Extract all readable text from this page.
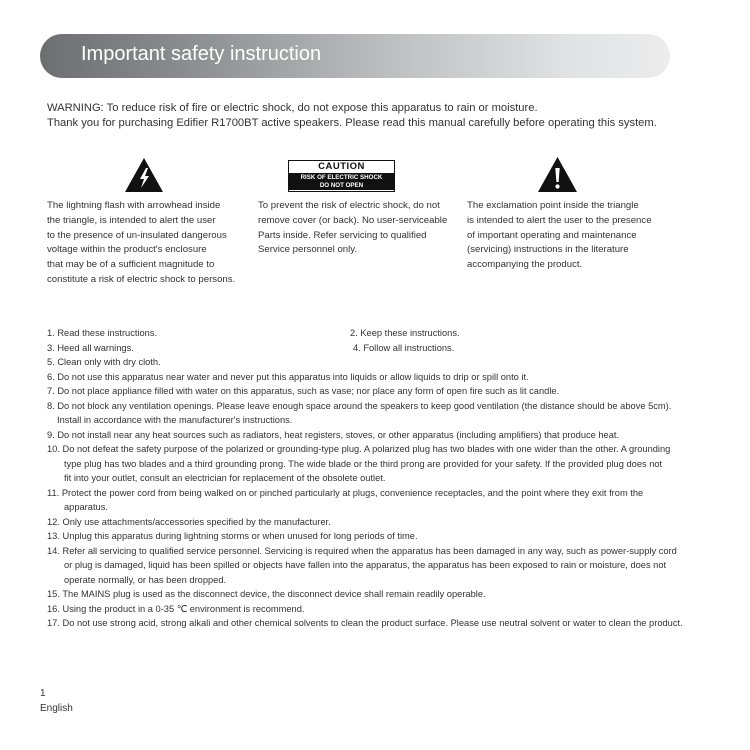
Important safety instruction
WARNING: To reduce risk of fire or electric shock, do not expose this apparatus to rain or moisture.
Thank you for purchasing Edifier R1700BT active speakers. Please read this manual carefully before operating this system.
CAUTION
RISK OF ELECTRIC SHOCK
DO NOT OPEN
The lightning flash with arrowhead inside
the triangle, is intended to alert the user
to the presence of un-insulated dangerous
voltage within the product's enclosure
that may be of a sufficient magnitude to
constitute a risk of electric shock to persons.
To prevent the risk of electric shock, do not
remove cover (or back). No user-serviceable
Parts inside. Refer servicing to qualified
Service personnel only.
The exclamation point inside the triangle
is intended to alert the user to the presence
of important operating and maintenance
(servicing) instructions in the literature
accompanying the product.
1. Read these instructions.	2. Keep these instructions.
3. Heed all warnings.	4. Follow all instructions.
5. Clean only with dry cloth.
6. Do not use this apparatus near water and never put this apparatus into liquids or allow liquids to drip or spill onto it.
7. Do not place appliance filled with water on this apparatus, such as vase; nor place any form of open fire such as lit candle.
8. Do not block any ventilation openings. Please leave enough space around the speakers to keep good ventilation (the distance should be above 5cm).
Install in accordance with the manufacturer's instructions.
9. Do not install near any heat sources such as radiators, heat registers, stoves, or other apparatus (including amplifiers) that produce heat.
10. Do not defeat the safety purpose of the polarized or grounding-type plug. A polarized plug has two blades with one wider than the other. A grounding
type plug has two blades and a third grounding prong. The wide blade or the third prong are provided for your safety. If the provided plug does not
fit into your outlet, consult an electrician for replacement of the obsolete outlet.
11. Protect the power cord from being walked on or pinched particularly at plugs, convenience receptacles, and the point where they exit from the
apparatus.
12. Only use attachments/accessories specified by the manufacturer.
13. Unplug this apparatus during lightning storms or when unused for long periods of time.
14. Refer all servicing to qualified service personnel. Servicing is required when the apparatus has been damaged in any way, such as power-supply cord
or plug is damaged, liquid has been spilled or objects have fallen into the apparatus, the apparatus has been exposed to rain or moisture, does not
operate normally, or has been dropped.
15. The MAINS plug is used as the disconnect device, the disconnect device shall remain readily operable.
16. Using the product in a 0-35 ℃ environment is recommend.
17. Do not use strong acid, strong alkali and other chemical solvents to clean the product surface. Please use neutral solvent or water to clean the product.
1
English
